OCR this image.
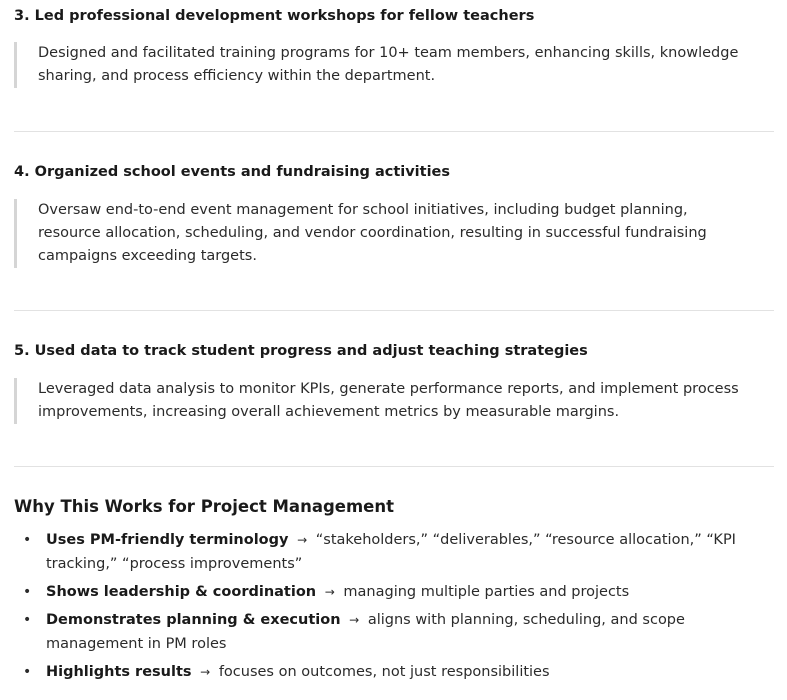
3. Led professional development workshops for fellow teachers
Designed and facilitated training programs for 10+ team members, enhancing skills, knowledge sharing, and process efficiency within the department.
4. Organized school events and fundraising activities
Oversaw end-to-end event management for school initiatives, including budget planning, resource allocation, scheduling, and vendor coordination, resulting in successful fundraising campaigns exceeding targets.
5. Used data to track student progress and adjust teaching strategies
Leveraged data analysis to monitor KPIs, generate performance reports, and implement process improvements, increasing overall achievement metrics by measurable margins.
Why This Works for Project Management
• Uses PM-friendly terminology → “stakeholders,” “deliverables,” “resource allocation,” “KPI tracking,” “process improvements”
• Shows leadership & coordination → managing multiple parties and projects
• Demonstrates planning & execution → aligns with planning, scheduling, and scope management in PM roles
• Highlights results → focuses on outcomes, not just responsibilities
